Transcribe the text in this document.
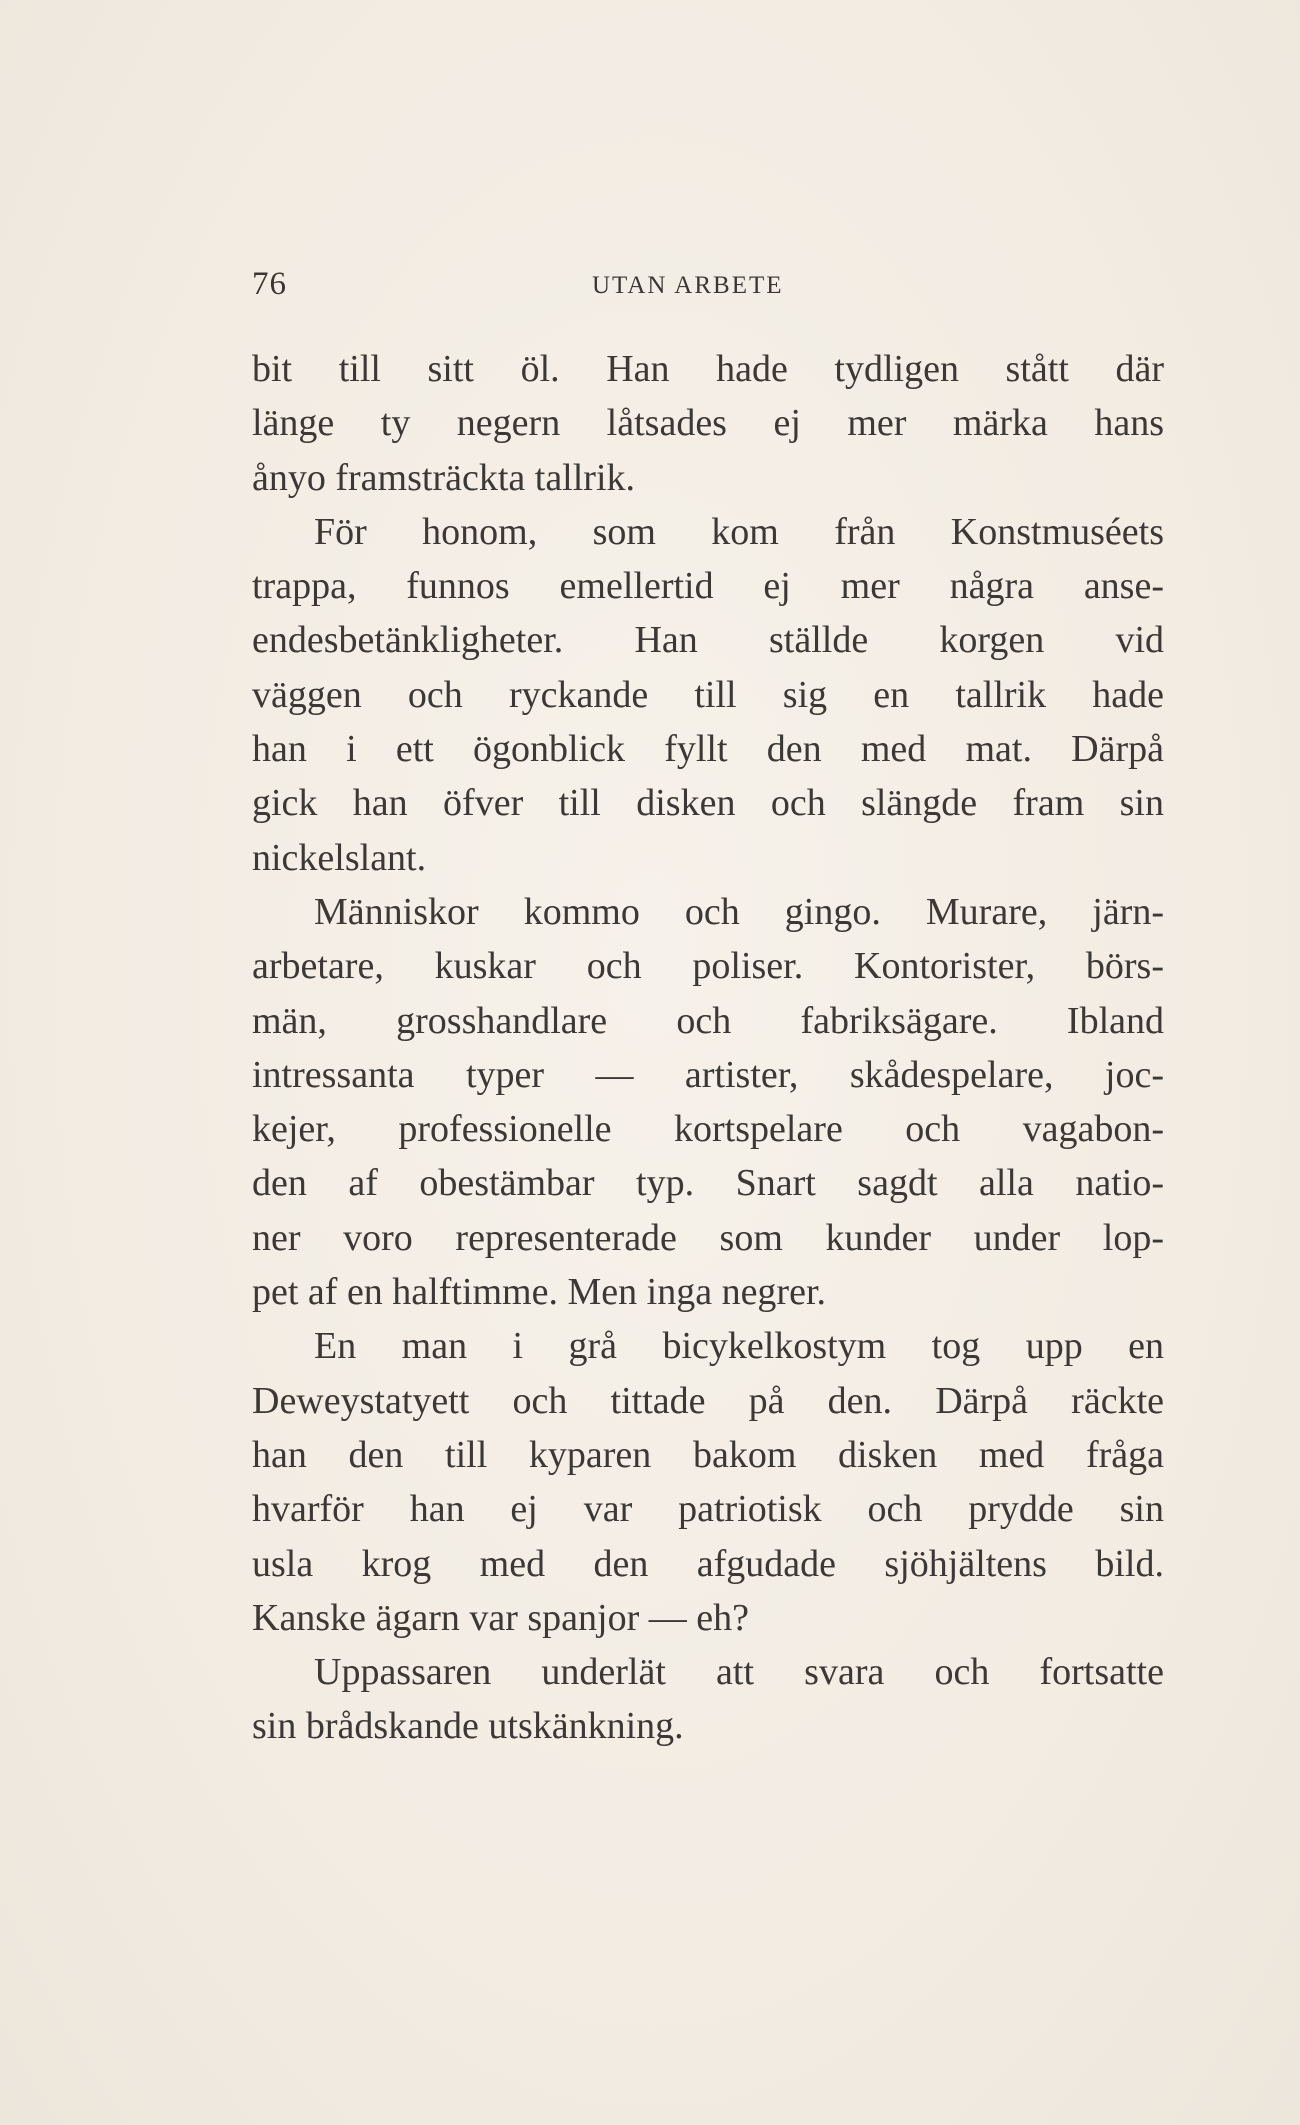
76	UTAN ARBETE
bit till sitt öl. Han hade tydligen stått där
länge ty negern låtsades ej mer märka hans
ånyo framsträckta tallrik.
För honom, som kom från Konstmuséets
trappa, funnos emellertid ej mer några anse-
endesbetänkligheter. Han ställde korgen vid
väggen och ryckande till sig en tallrik hade
han i ett ögonblick fyllt den med mat. Därpå
gick han öfver till disken och slängde fram sin
nickelslant.
Människor kommo och gingo. Murare, järn-
arbetare, kuskar och poliser. Kontorister, börs-
män, grosshandlare och fabriksägare. Ibland
intressanta typer — artister, skådespelare, joc-
kejer, professionelle kortspelare och vagabon-
den af obestämbar typ. Snart sagdt alla natio-
ner voro representerade som kunder under lop-
pet af en halftimme. Men inga negrer.
En man i grå bicykelkostym tog upp en
Deweystatyett och tittade på den. Därpå räckte
han den till kyparen bakom disken med fråga
hvarför han ej var patriotisk och prydde sin
usla krog med den afgudade sjöhjältens bild.
Kanske ägarn var spanjor — eh?
Uppassaren underlät att svara och fortsatte
sin brådskande utskänkning.
